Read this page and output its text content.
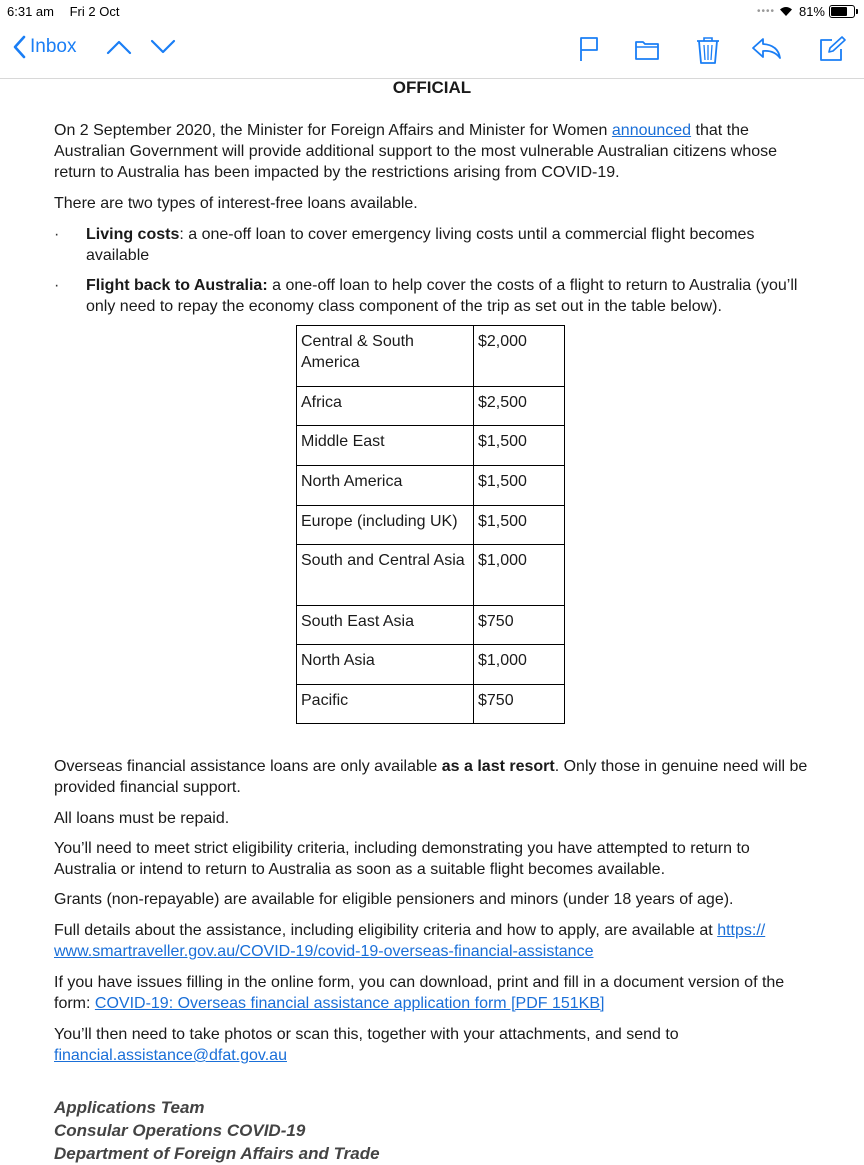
6:31 am Fri 2 Oct	•••• 81%
Inbox
OFFICIAL

On 2 September 2020, the Minister for Foreign Affairs and Minister for Women announced that the Australian Government will provide additional support to the most vulnerable Australian citizens whose return to Australia has been impacted by the restrictions arising from COVID-19.

There are two types of interest-free loans available.

· Living costs: a one-off loan to cover emergency living costs until a commercial flight becomes available
· Flight back to Australia: a one-off loan to help cover the costs of a flight to return to Australia (you’ll only need to repay the economy class component of the trip as set out in the table below).
Central & South America	$2,000
Africa	$2,500
Middle East	$1,500
North America	$1,500
Europe (including UK)	$1,500
South and Central Asia	$1,000
South East Asia	$750
North Asia	$1,000
Pacific	$750

Overseas financial assistance loans are only available as a last resort. Only those in genuine need will be provided financial support.

All loans must be repaid.

You’ll need to meet strict eligibility criteria, including demonstrating you have attempted to return to Australia or intend to return to Australia as soon as a suitable flight becomes available.

Grants (non-repayable) are available for eligible pensioners and minors (under 18 years of age).

Full details about the assistance, including eligibility criteria and how to apply, are available at https://
www.smartraveller.gov.au/COVID-19/covid-19-overseas-financial-assistance

If you have issues filling in the online form, you can download, print and fill in a document version of the form: COVID-19: Overseas financial assistance application form [PDF 151KB]

You’ll then need to take photos or scan this, together with your attachments, and send to
financial.assistance@dfat.gov.au

Applications Team
Consular Operations COVID-19
Department of Foreign Affairs and Trade
